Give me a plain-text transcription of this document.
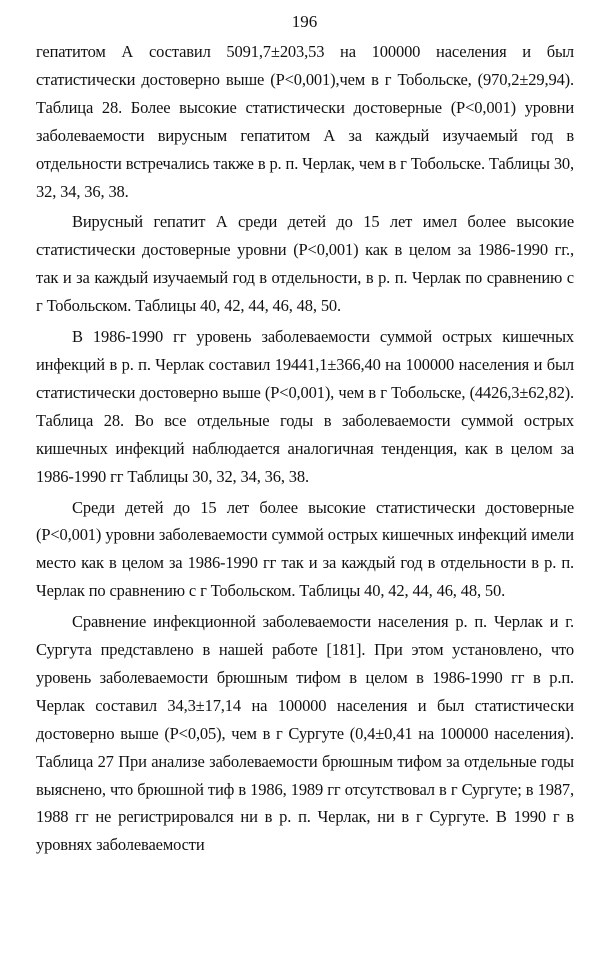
196

гепатитом А составил 5091,7±203,53 на 100000 населения и был статистически достоверно выше (Р<0,001),чем в г Тобольске, (970,2±29,94). Таблица 28. Более высокие статистически достоверные (Р<0,001) уровни заболеваемости вирусным гепатитом А за каждый изучаемый год в отдельности встречались также в р. п. Черлак, чем в г Тобольске. Таблицы 30, 32, 34, 36, 38.

Вирусный гепатит А среди детей до 15 лет имел более высокие статистически достоверные уровни (Р<0,001) как в целом за 1986-1990 гг., так и за каждый изучаемый год в отдельности, в р. п. Черлак по сравнению с г Тобольском. Таблицы 40, 42, 44, 46, 48, 50.

В 1986-1990 гг уровень заболеваемости суммой острых кишечных инфекций в р. п. Черлак составил 19441,1±366,40 на 100000 населения и был статистически достоверно выше (Р<0,001), чем в г Тобольске, (4426,3±62,82). Таблица 28. Во все отдельные годы в заболеваемости суммой острых кишечных инфекций наблюдается аналогичная тенденция, как в целом за 1986-1990 гг Таблицы 30, 32, 34, 36, 38.

Среди детей до 15 лет более высокие статистически достоверные (Р<0,001) уровни заболеваемости суммой острых кишечных инфекций имели место как в целом за 1986-1990 гг так и за каждый год в отдельности в р. п. Черлак по сравнению с г Тобольском. Таблицы 40, 42, 44, 46, 48, 50.

Сравнение инфекционной заболеваемости населения р. п. Черлак и г. Сургута представлено в нашей работе [181]. При этом установлено, что уровень заболеваемости брюшным тифом в целом в 1986-1990 гг в р.п. Черлак составил 34,3±17,14 на 100000 населения и был статистически достоверно выше (Р<0,05), чем в г Сургуте (0,4±0,41 на 100000 населения). Таблица 27 При анализе заболеваемости брюшным тифом за отдельные годы выяснено, что брюшной тиф в 1986, 1989 гг отсутствовал в г Сургуте; в 1987, 1988 гг не регистрировался ни в р. п. Черлак, ни в г Сургуте. В 1990 г в уровнях заболеваемости
